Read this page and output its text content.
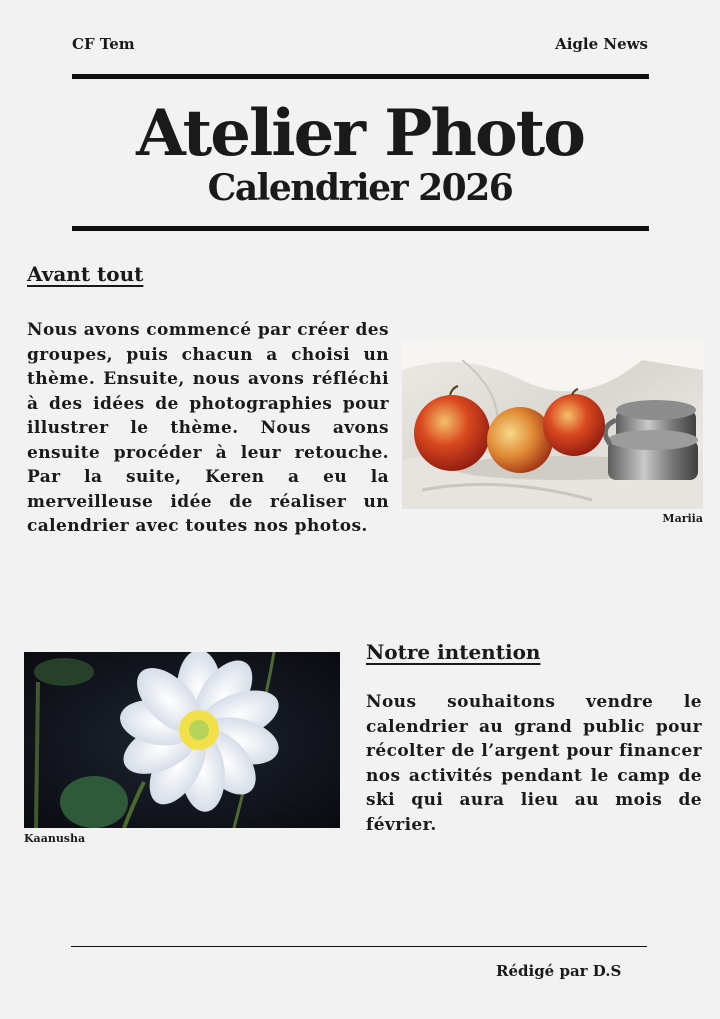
CF Tem	Aigle News
Atelier Photo
Calendrier 2026
Avant tout
Nous avons commencé par créer des groupes, puis chacun a choisi un thème. Ensuite, nous avons réfléchi à des idées de photographies pour illustrer le thème. Nous avons ensuite procéder à leur retouche. Par la suite, Keren a eu la merveilleuse idée de réaliser un calendrier avec toutes nos photos.	Mariia
Kaanusha
Notre intention
Nous souhaitons vendre le calendrier au grand public pour récolter de l’argent pour financer nos activités pendant le camp de ski qui aura lieu au mois de février.
Rédigé par D.S
